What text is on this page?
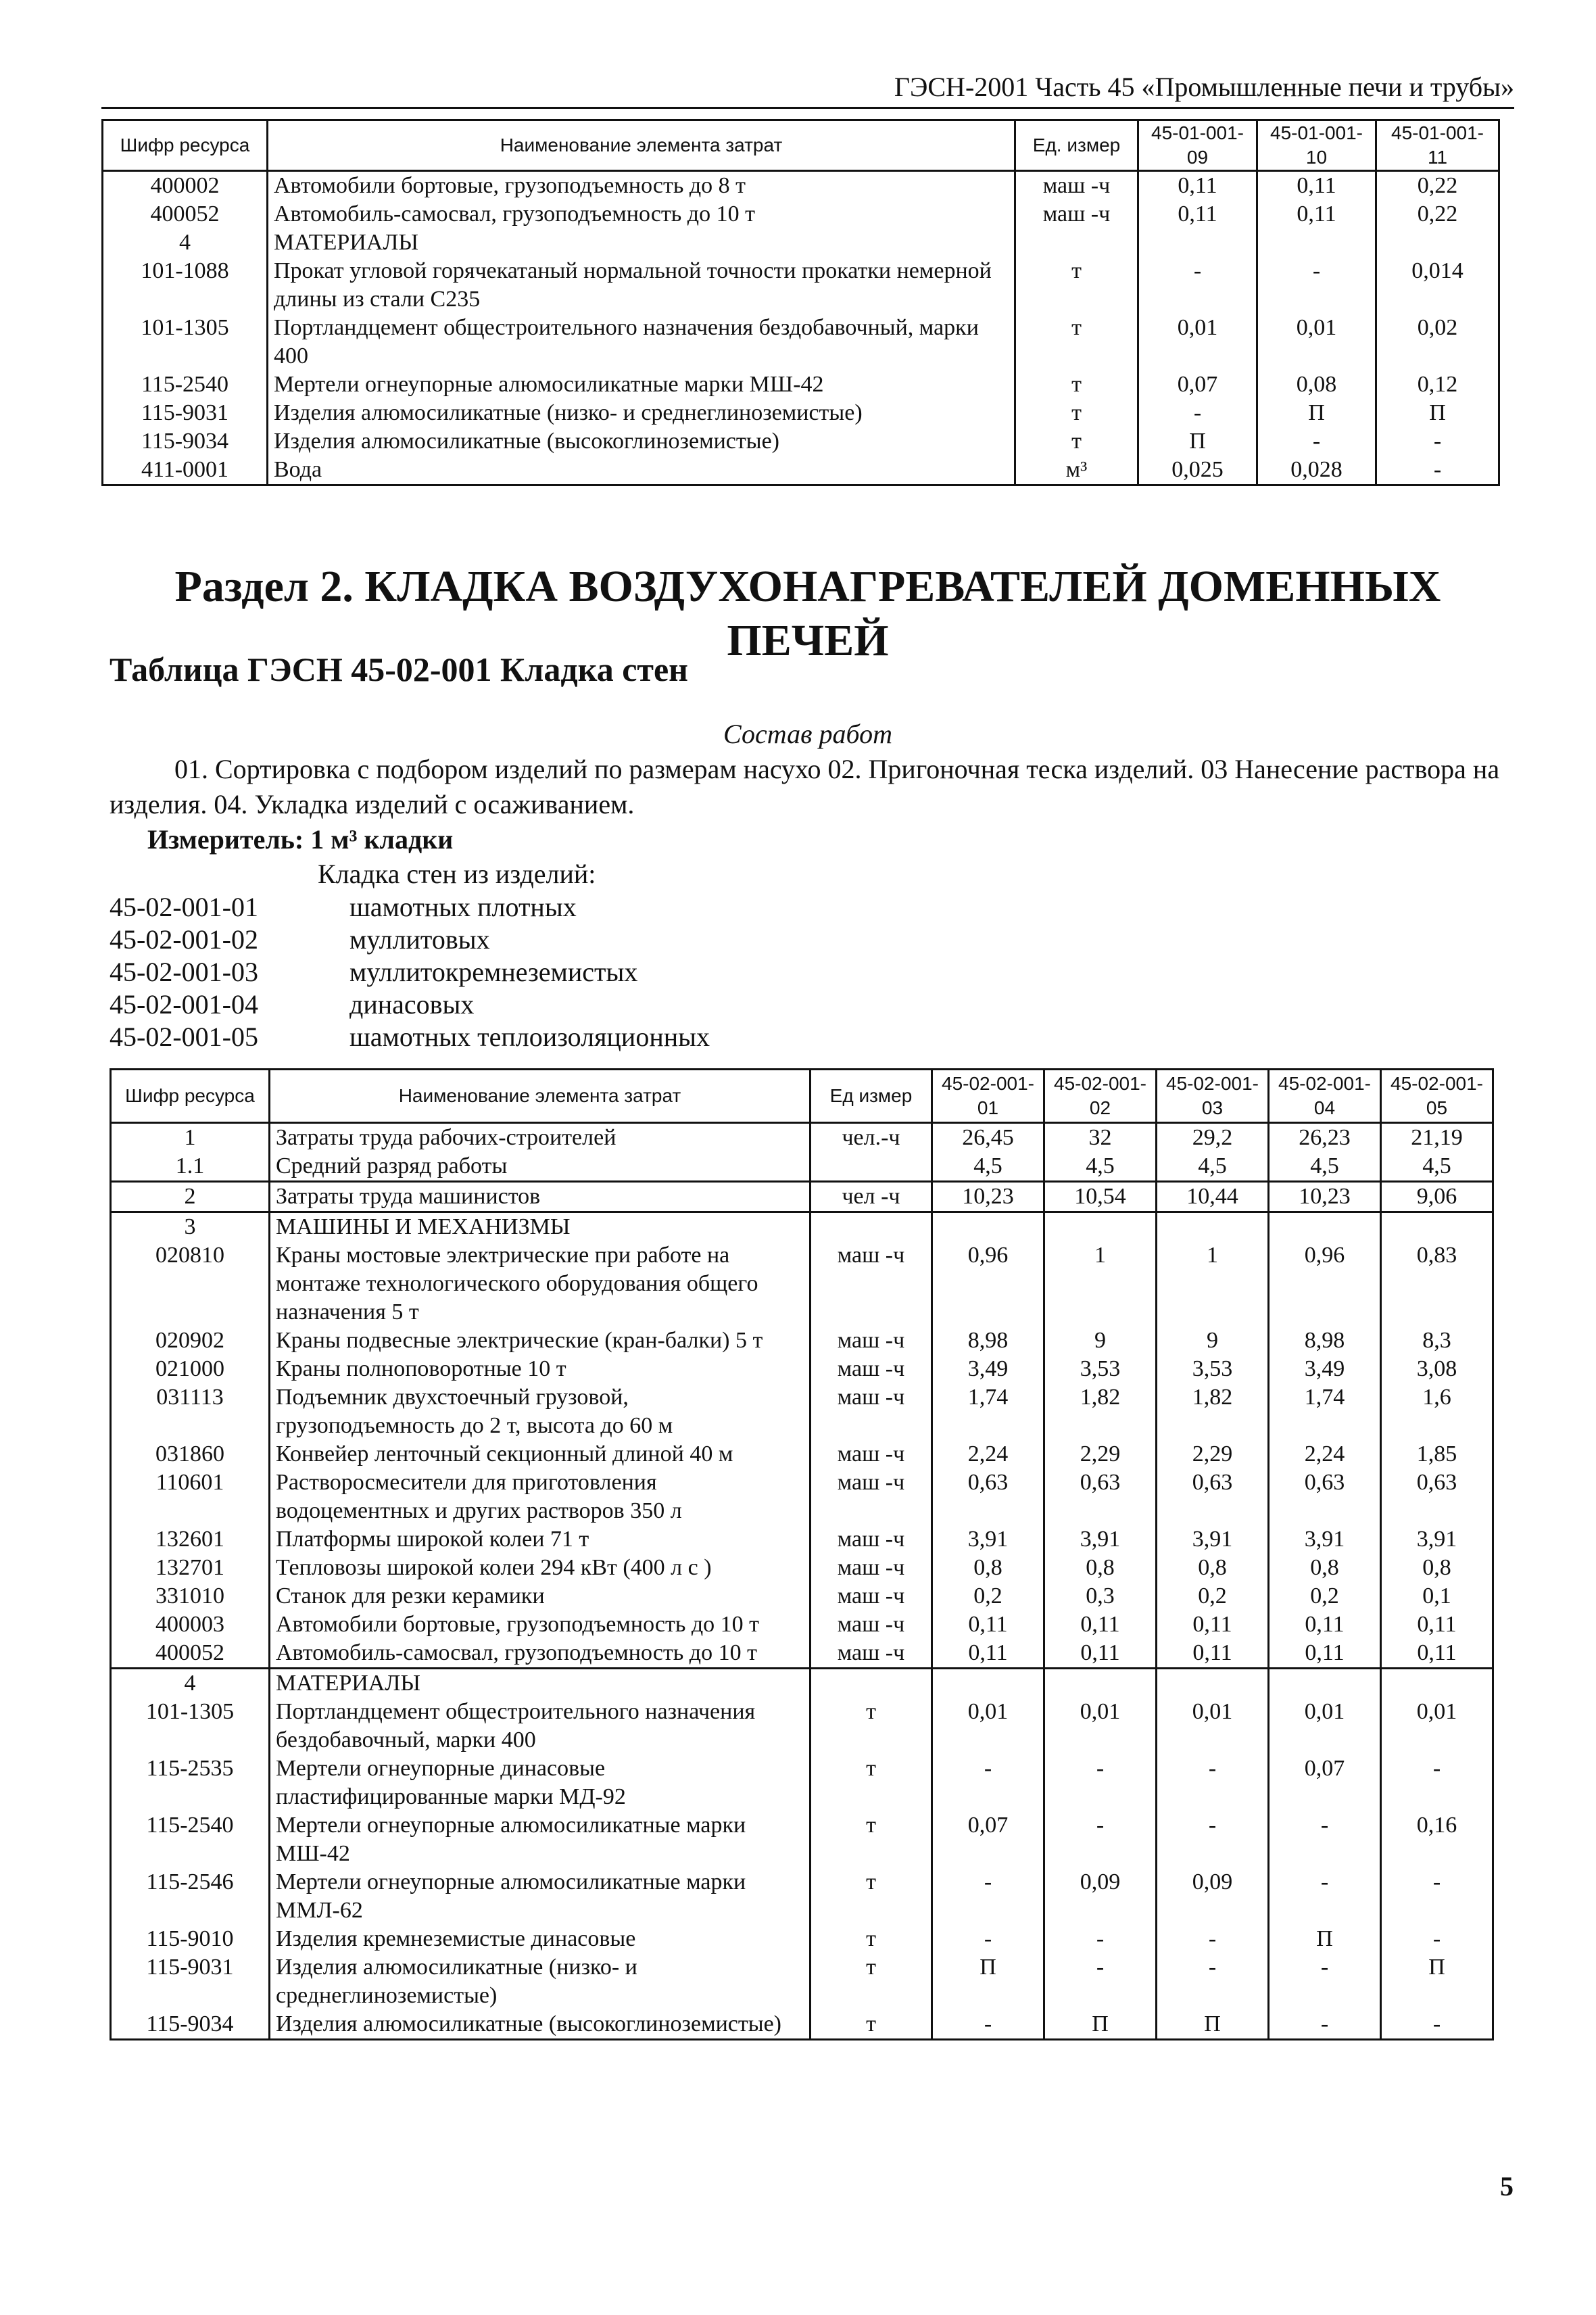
ГЭСН-2001 Часть 45 «Промышленные печи и трубы»
Шифр ресурса	Наименование элемента затрат	Ед. измер	45-01-001-09	45-01-001-10	45-01-001-11
400002	Автомобили бортовые, грузоподъемность до 8 т	маш -ч	0,11	0,11	0,22
400052	Автомобиль-самосвал, грузоподъемность до 10 т	маш -ч	0,11	0,11	0,22
4	МАТЕРИАЛЫ				
101-1088	Прокат угловой горячекатаный нормальной точности прокатки немерной длины из стали С235	т	-	-	0,014
101-1305	Портландцемент общестроительного назначения бездобавочный, марки 400	т	0,01	0,01	0,02
115-2540	Мертели огнеупорные алюмосиликатные марки МШ-42	т	0,07	0,08	0,12
115-9031	Изделия алюмосиликатные (низко- и среднеглиноземистые)	т	-	П	П
115-9034	Изделия алюмосиликатные (высокоглиноземистые)	т	П	-	-
411-0001	Вода	м³	0,025	0,028	-
Раздел 2. КЛАДКА ВОЗДУХОНАГРЕВАТЕЛЕЙ ДОМЕННЫХ ПЕЧЕЙ
Таблица ГЭСН 45-02-001 Кладка стен
Состав работ
01. Сортировка с подбором изделий по размерам насухо 02. Пригоночная теска изделий. 03 Нанесение раствора на изделия. 04. Укладка изделий с осаживанием.
Измеритель: 1 м³ кладки
Кладка стен из изделий:
45-02-001-01	шамотных плотных
45-02-001-02	муллитовых
45-02-001-03	муллитокремнеземистых
45-02-001-04	динасовых
45-02-001-05	шамотных теплоизоляционных
Шифр ресурса	Наименование элемента затрат	Ед измер	45-02-001-01	45-02-001-02	45-02-001-03	45-02-001-04	45-02-001-05
1	Затраты труда рабочих-строителей	чел.-ч	26,45	32	29,2	26,23	21,19
1.1	Средний разряд работы		4,5	4,5	4,5	4,5	4,5
2	Затраты труда машинистов	чел -ч	10,23	10,54	10,44	10,23	9,06
3	МАШИНЫ И МЕХАНИЗМЫ						
020810	Краны мостовые электрические при работе на монтаже технологического оборудования общего назначения 5 т	маш -ч	0,96	1	1	0,96	0,83
020902	Краны подвесные электрические (кран-балки) 5 т	маш -ч	8,98	9	9	8,98	8,3
021000	Краны полноповоротные 10 т	маш -ч	3,49	3,53	3,53	3,49	3,08
031113	Подъемник двухстоечный грузовой, грузоподъемность до 2 т, высота до 60 м	маш -ч	1,74	1,82	1,82	1,74	1,6
031860	Конвейер ленточный секционный длиной 40 м	маш -ч	2,24	2,29	2,29	2,24	1,85
110601	Растворосмесители для приготовления водоцементных и других растворов 350 л	маш -ч	0,63	0,63	0,63	0,63	0,63
132601	Платформы широкой колеи 71 т	маш -ч	3,91	3,91	3,91	3,91	3,91
132701	Тепловозы широкой колеи 294 кВт (400 л с )	маш -ч	0,8	0,8	0,8	0,8	0,8
331010	Станок для резки керамики	маш -ч	0,2	0,3	0,2	0,2	0,1
400003	Автомобили бортовые, грузоподъемность до 10 т	маш -ч	0,11	0,11	0,11	0,11	0,11
400052	Автомобиль-самосвал, грузоподъемность до 10 т	маш -ч	0,11	0,11	0,11	0,11	0,11
4	МАТЕРИАЛЫ						
101-1305	Портландцемент общестроительного назначения бездобавочный, марки 400	т	0,01	0,01	0,01	0,01	0,01
115-2535	Мертели огнеупорные динасовые пластифицированные марки МД-92	т	-	-	-	0,07	-
115-2540	Мертели огнеупорные алюмосиликатные марки МШ-42	т	0,07	-	-	-	0,16
115-2546	Мертели огнеупорные алюмосиликатные марки ММЛ-62	т	-	0,09	0,09	-	-
115-9010	Изделия кремнеземистые динасовые	т	-	-	-	П	-
115-9031	Изделия алюмосиликатные (низко- и среднеглиноземистые)	т	П	-	-	-	П
115-9034	Изделия алюмосиликатные (высокоглиноземистые)	т	-	П	П	-	-
5
